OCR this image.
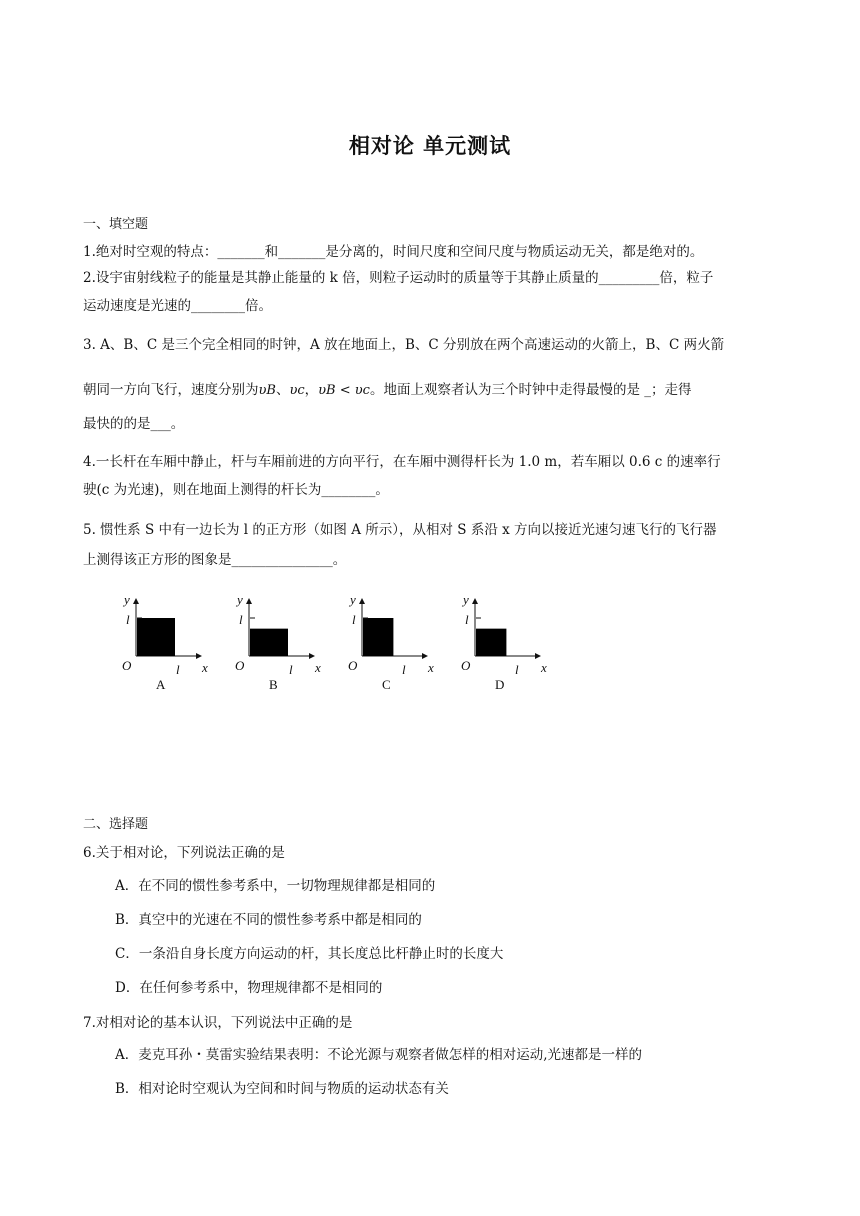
相对论 单元测试
一、填空题
1.绝对时空观的特点：_______和_______是分离的，时间尺度和空间尺度与物质运动无关，都是绝对的。
2.设宇宙射线粒子的能量是其静止能量的 k 倍，则粒子运动时的质量等于其静止质量的_________倍，粒子
运动速度是光速的________倍。
3. A、B、C 是三个完全相同的时钟，A 放在地面上，B、C 分别放在两个高速运动的火箭上，B、C 两火箭
朝同一方向飞行，速度分别为υB、υc，υB < υc。地面上观察者认为三个时钟中走得最慢的是 _；走得
最快的的是___。
4.一长杆在车厢中静止，杆与车厢前进的方向平行，在车厢中测得杆长为 1.0 m，若车厢以 0.6 c 的速率行
驶(c 为光速)，则在地面上测得的杆长为________。
5. 惯性系 S 中有一边长为 l 的正方形（如图 A 所示），从相对 S 系沿 x 方向以接近光速匀速飞行的飞行器
上测得该正方形的图象是_______________。
y
x
O
l
l
A
y
x
O
l
l
B
y
x
O
l
l
C
y
x
O
l
l
D
二、选择题
6.关于相对论，下列说法正确的是
A．在不同的惯性参考系中，一切物理规律都是相同的
B．真空中的光速在不同的惯性参考系中都是相同的
C．一条沿自身长度方向运动的杆，其长度总比杆静止时的长度大
D．在任何参考系中，物理规律都不是相同的
7.对相对论的基本认识，下列说法中正确的是
A．麦克耳孙・莫雷实验结果表明：不论光源与观察者做怎样的相对运动,光速都是一样的
B．相对论时空观认为空间和时间与物质的运动状态有关
